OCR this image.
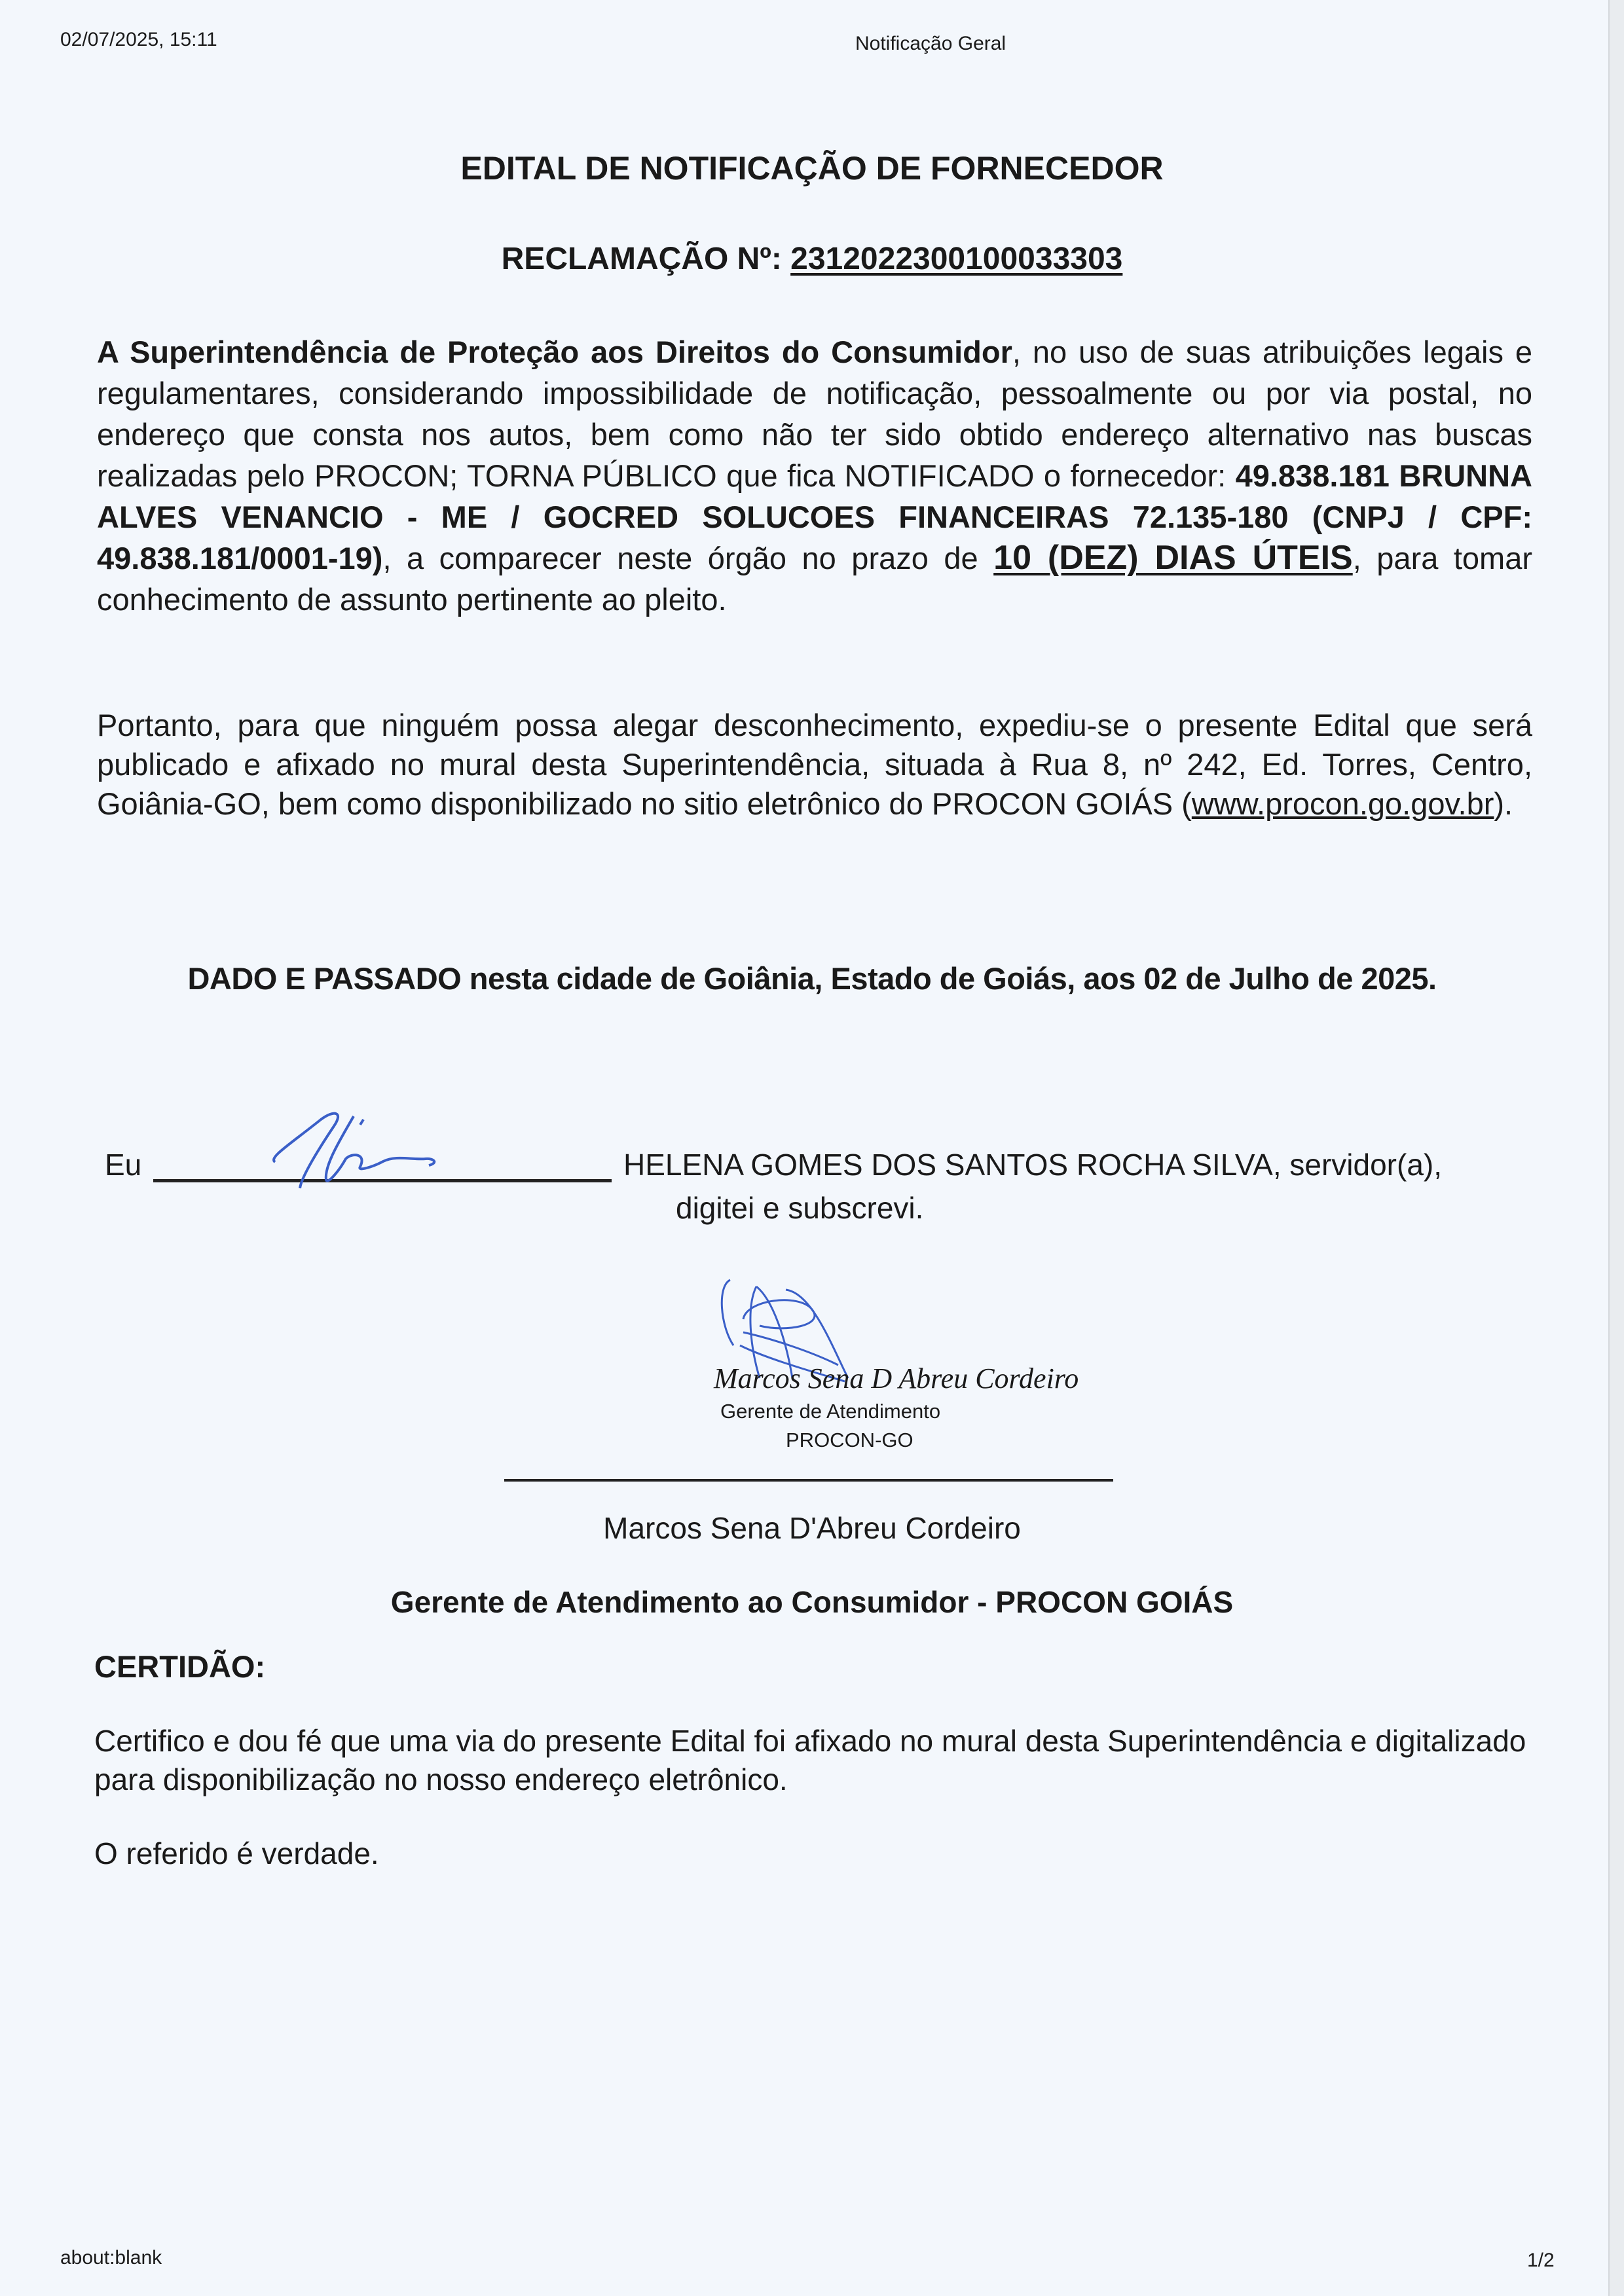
02/07/2025, 15:11	Notificação Geral
EDITAL DE NOTIFICAÇÃO DE FORNECEDOR
RECLAMAÇÃO Nº: 2312022300100033303
A Superintendência de Proteção aos Direitos do Consumidor, no uso de suas atribuições legais e regulamentares, considerando impossibilidade de notificação, pessoalmente ou por via postal, no endereço que consta nos autos, bem como não ter sido obtido endereço alternativo nas buscas realizadas pelo PROCON; TORNA PÚBLICO que fica NOTIFICADO o fornecedor: 49.838.181 BRUNNA ALVES VENANCIO - ME / GOCRED SOLUCOES FINANCEIRAS 72.135-180 (CNPJ / CPF: 49.838.181/0001-19), a comparecer neste órgão no prazo de 10 (DEZ) DIAS ÚTEIS, para tomar conhecimento de assunto pertinente ao pleito.
Portanto, para que ninguém possa alegar desconhecimento, expediu-se o presente Edital que será publicado e afixado no mural desta Superintendência, situada à Rua 8, nº 242, Ed. Torres, Centro, Goiânia-GO, bem como disponibilizado no sitio eletrônico do PROCON GOIÁS (www.procon.go.gov.br).
DADO E PASSADO nesta cidade de Goiânia, Estado de Goiás, aos 02 de Julho de 2025.
Eu	HELENA GOMES DOS SANTOS ROCHA SILVA, servidor(a),
digitei e subscrevi.
Marcos Sena D Abreu Cordeiro
Gerente de Atendimento
PROCON-GO
Marcos Sena D'Abreu Cordeiro
Gerente de Atendimento ao Consumidor - PROCON GOIÁS
CERTIDÃO:
Certifico e dou fé que uma via do presente Edital foi afixado no mural desta Superintendência e digitalizado para disponibilização no nosso endereço eletrônico.
O referido é verdade.
about:blank	1/2
